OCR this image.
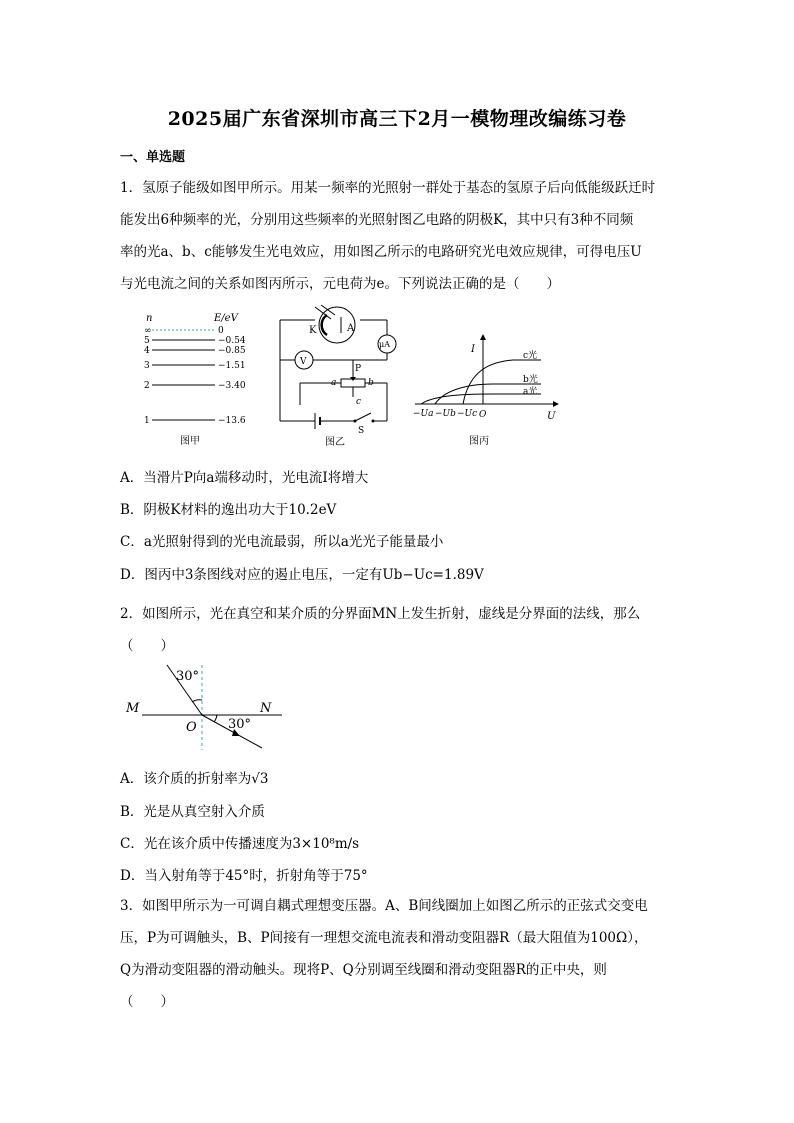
2025届广东省深圳市高三下2月一模物理改编练习卷
一、单选题
1．氢原子能级如图甲所示。用某一频率的光照射一群处于基态的氢原子后向低能级跃迁时
能发出6种频率的光，分别用这些频率的光照射图乙电路的阴极K，其中只有3种不同频
率的光a、b、c能够发生光电效应，用如图乙所示的电路研究光电效应规律，可得电压U
与光电流之间的关系如图丙所示，元电荷为e。下列说法正确的是（　　）
n	E/eV
∞
5
4
3
2
1
0
−0.54
−0.85
−1.51
−3.40
−13.6
图甲
K	A
V
μA
P
a	b
c
S
图乙
I
U
O
c光
b光
a光
−Ua −Ub −Uc
图丙
A．当滑片P向a端移动时，光电流I将增大
B．阴极K材料的逸出功大于10.2eV
C．a光照射得到的光电流最弱，所以a光光子能量最小
D．图丙中3条图线对应的遏止电压，一定有Ub−Uc=1.89V
2．如图所示，光在真空和某介质的分界面MN上发生折射，虚线是分界面的法线，那么
（　　）
30°
30°
M	N
O
A．该介质的折射率为√3
B．光是从真空射入介质
C．光在该介质中传播速度为3×10⁸m/s
D．当入射角等于45°时，折射角等于75°
3．如图甲所示为一可调自耦式理想变压器。A、B间线圈加上如图乙所示的正弦式交变电
压，P为可调触头，B、P间接有一理想交流电流表和滑动变阻器R（最大阻值为100Ω），
Q为滑动变阻器的滑动触头。现将P、Q分别调至线圈和滑动变阻器R的正中央，则
（　　）
